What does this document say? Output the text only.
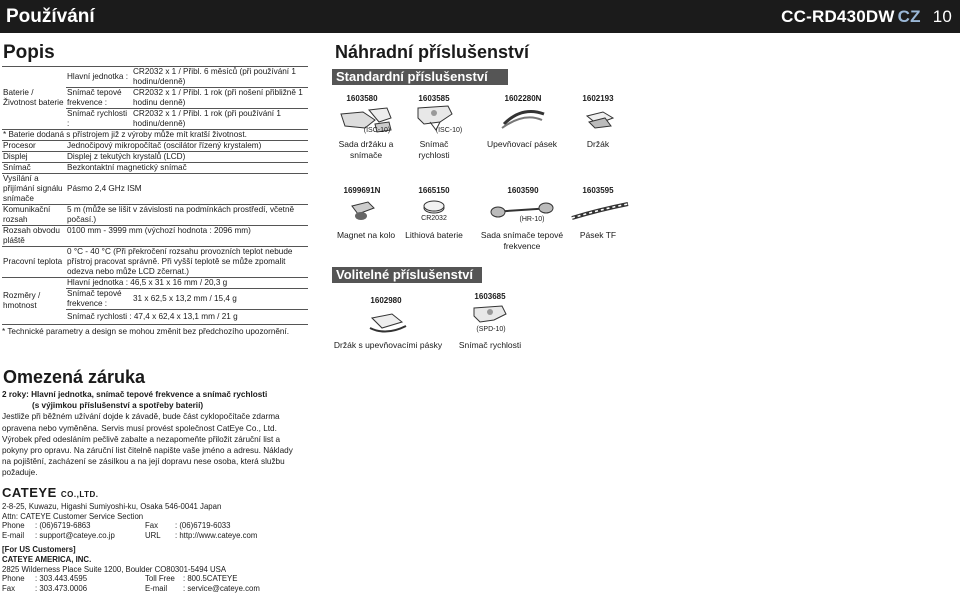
Používání	CC-RD430DW CZ 10
Popis
Baterie / Životnost baterie	Hlavní jednotka :	CR2032 x 1 / Přibl. 6 měsíců (při používání 1 hodinu/denně)
	Snímač tepové frekvence :	CR2032 x 1 / Přibl. 1 rok (při nošení přibližně 1 hodinu denně)
	Snímač rychlosti :	CR2032 x 1 / Přibl. 1 rok (při používání 1 hodinu/denně)
* Baterie dodaná s přístrojem již z výroby může mít kratší životnost.		
Procesor	Jednočipový mikropočítač (oscilátor řízený krystalem)	
Displej	Displej z tekutých krystalů (LCD)	
Snímač	Bezkontaktní magnetický snímač	
Vysílání a přijímání signálu snímače	Pásmo 2,4 GHz ISM	
Komunikační rozsah	5 m (může se lišit v závislosti na podmínkách prostředí, včetně počasí.)	
Rozsah obvodu pláště	0100 mm - 3999 mm (výchozí hodnota : 2096 mm)	
Pracovní teplota	0 °C - 40 °C (Při překročení rozsahu provozních teplot nebude přístroj pracovat správně. Při vyšší teplotě se může zpomalit odezva nebo může LCD zčernat.)	
Rozměry / hmotnost	Hlavní jednotka : 46,5 x 31 x 16 mm / 20,3 g	
	Snímač tepové frekvence :	31 x 62,5 x 13,2 mm / 15,4 g
	Snímač rychlosti : 47,4 x 62,4 x 13,1 mm / 21 g	
* Technické parametry a design se mohou změnit bez předchozího upozornění.
Omezená záruka
2 roky: Hlavní jednotka, snímač tepové frekvence a snímač rychlosti
(s výjimkou příslušenství a spotřeby baterií)
Jestliže při běžném užívání dojde k závadě, bude část cyklopočítače zdarma opravena nebo vyměněna. Servis musí provést společnost CatEye Co., Ltd. Výrobek před odesláním pečlivě zabalte a nezapomeňte přiložit záruční list a pokyny pro opravu. Na záruční list čitelně napište vaše jméno a adresu. Náklady na pojištění, zacházení se zásilkou a na její dopravu nese osoba, která službu požaduje.
CATEYE CO.,LTD.
2-8-25, Kuwazu, Higashi Sumiyoshi-ku, Osaka 546-0041 Japan
Attn: CATEYE Customer Service Section
Phone	: (06)6719-6863	Fax	: (06)6719-6033
E-mail	: support@cateye.co.jp	URL	: http://www.cateye.com
[For US Customers]
CATEYE AMERICA, INC.
2825 Wilderness Place Suite 1200, Boulder CO80301-5494 USA
Phone	: 303.443.4595	Toll Free	: 800.5CATEYE
Fax	: 303.473.0006	E-mail	: service@cateye.com
Náhradní příslušenství
Standardní příslušenství
1603580	1603585	1602280N	1602193
(ISC-10)	(ISC-10)
Sada držáku a snímače
Snímač rychlosti
Upevňovací pásek	Držák
1699691N	1665150	1603590	1603595
CR2032	(HR-10)
Magnet na kolo	Lithiová baterie	Sada snímače tepové frekvence
Pásek TF
Volitelné příslušenství
1602980	1603685
(SPD-10)
Držák s upevňovacími pásky	Snímač rychlosti
